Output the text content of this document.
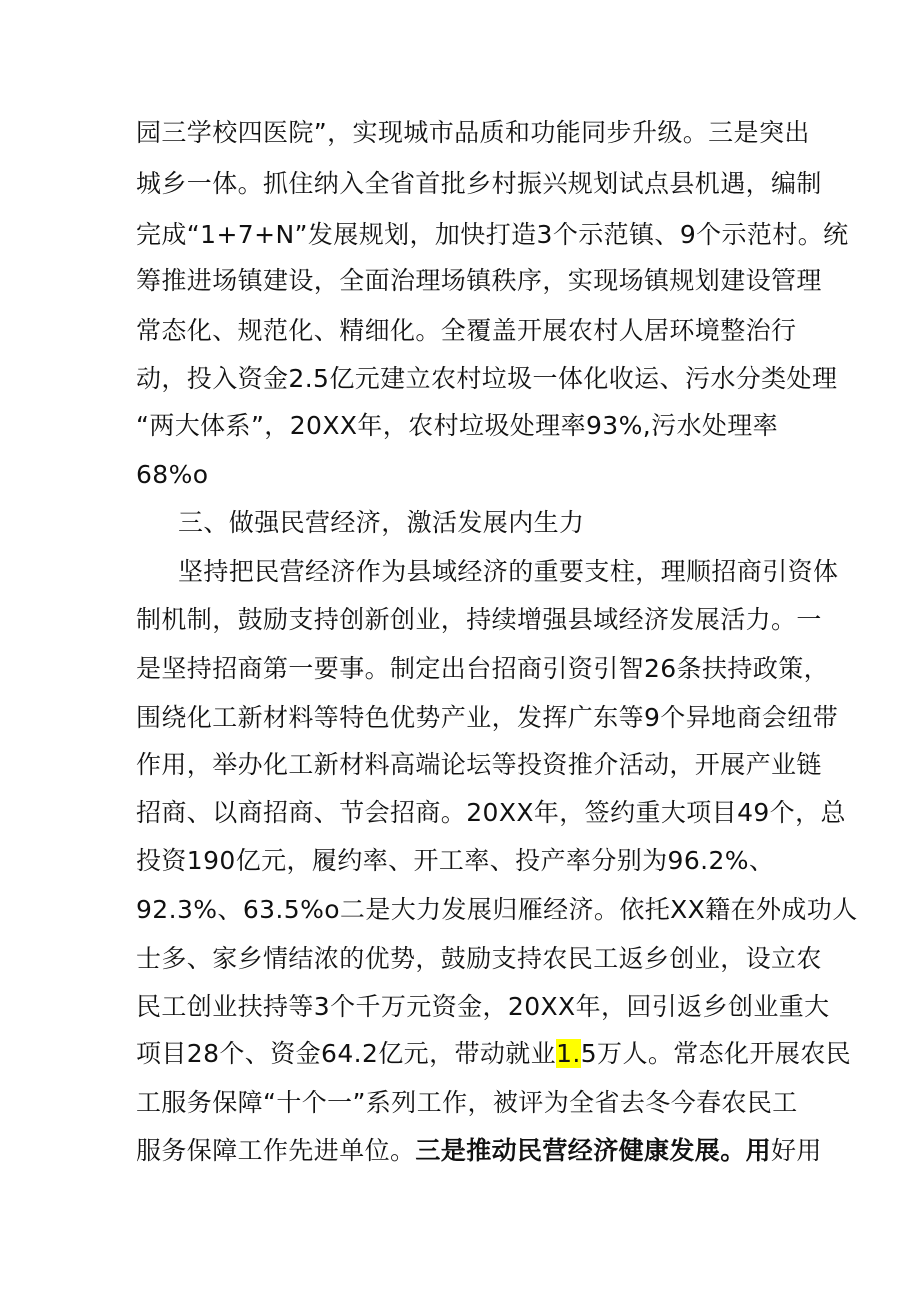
园三学校四医院”，实现城市品质和功能同步升级。三是突出
城乡一体。抓住纳入全省首批乡村振兴规划试点县机遇，编制
完成“1+7+N”发展规划，加快打造3个示范镇、9个示范村。统
筹推进场镇建设，全面治理场镇秩序，实现场镇规划建设管理
常态化、规范化、精细化。全覆盖开展农村人居环境整治行
动，投入资金2.5亿元建立农村垃圾一体化收运、污水分类处理
“两大体系”，20XX年，农村垃圾处理率93%,污水处理率
68%o
三、做强民营经济，激活发展内生力
坚持把民营经济作为县域经济的重要支柱，理顺招商引资体
制机制，鼓励支持创新创业，持续增强县域经济发展活力。一
是坚持招商第一要事。制定出台招商引资引智26条扶持政策，
围绕化工新材料等特色优势产业，发挥广东等9个异地商会纽带
作用，举办化工新材料高端论坛等投资推介活动，开展产业链
招商、以商招商、节会招商。20XX年，签约重大项目49个，总
投资190亿元，履约率、开工率、投产率分别为96.2%、
92.3%、63.5%o二是大力发展归雁经济。依托XX籍在外成功人
士多、家乡情结浓的优势，鼓励支持农民工返乡创业，设立农
民工创业扶持等3个千万元资金，20XX年，回引返乡创业重大
项目28个、资金64.2亿元，带动就业1.5万人。常态化开展农民
工服务保障“十个一”系列工作，被评为全省去冬今春农民工
服务保障工作先进单位。三是推动民营经济健康发展。用好用
